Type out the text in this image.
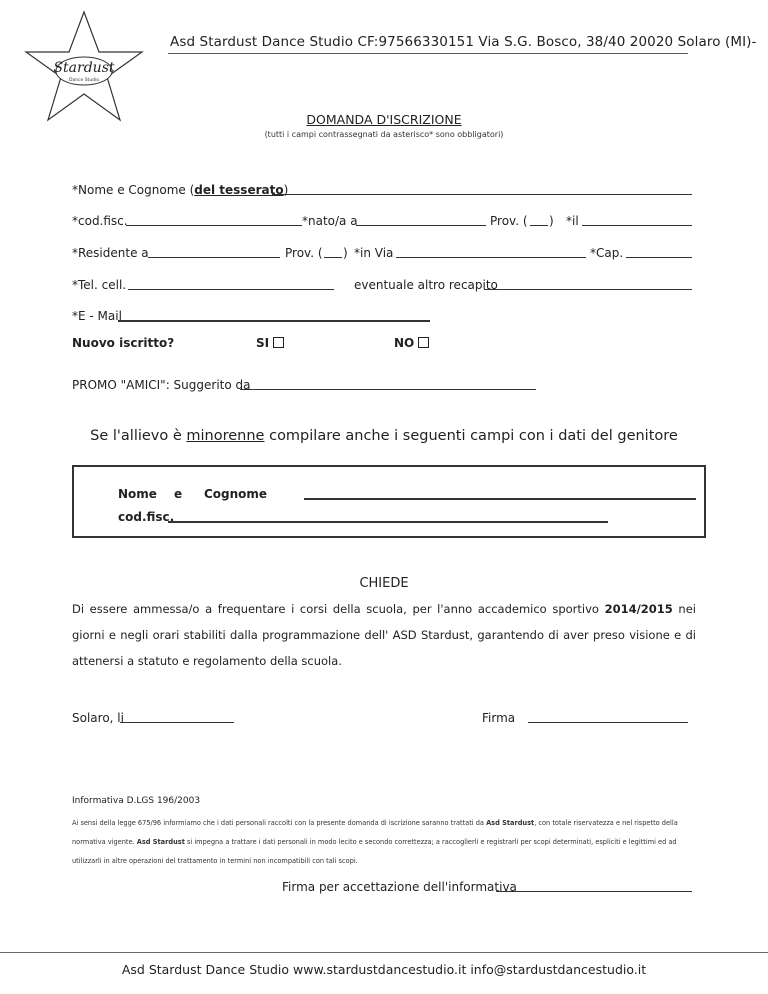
Stardust
Dance Studio
Asd Stardust Dance Studio CF:97566330151 Via S.G. Bosco, 38/40 20020 Solaro (MI)-
DOMANDA D'ISCRIZIONE
(tutti i campi contrassegnati da asterisco* sono obbligatori)
*Nome e Cognome (del tesserato)
*cod.fisc.	*nato/a a	Prov. ( ) *il
*Residente a	Prov. ( ) *in Via	*Cap.
*Tel. cell.	eventuale altro recapito
*E - Mail
Nuovo iscritto?	SI	NO
PROMO "AMICI": Suggerito da
Se l'allievo è minorenne compilare anche i seguenti campi con i dati del genitore
Nome e Cognome
cod.fisc.
CHIEDE
Di essere ammessa/o a frequentare i corsi della scuola, per l'anno accademico sportivo 2014/2015 nei giorni e negli orari stabiliti dalla programmazione dell' ASD Stardust, garantendo di aver preso visione e di attenersi a statuto e regolamento della scuola.
Solaro, li	Firma
Informativa D.LGS 196/2003
Ai sensi della legge 675/96 informiamo che i dati personali raccolti con la presente domanda di iscrizione saranno trattati da Asd Stardust, con totale riservatezza e nel rispetto della normativa vigente. Asd Stardust si impegna a trattare i dati personali in modo lecito e secondo correttezza; a raccoglierli e registrarli per scopi determinati, espliciti e legittimi ed ad utilizzarli in altre operazioni del trattamento in termini non incompatibili con tali scopi.
Firma per accettazione dell'informativa
Asd Stardust Dance Studio www.stardustdancestudio.it info@stardustdancestudio.it
